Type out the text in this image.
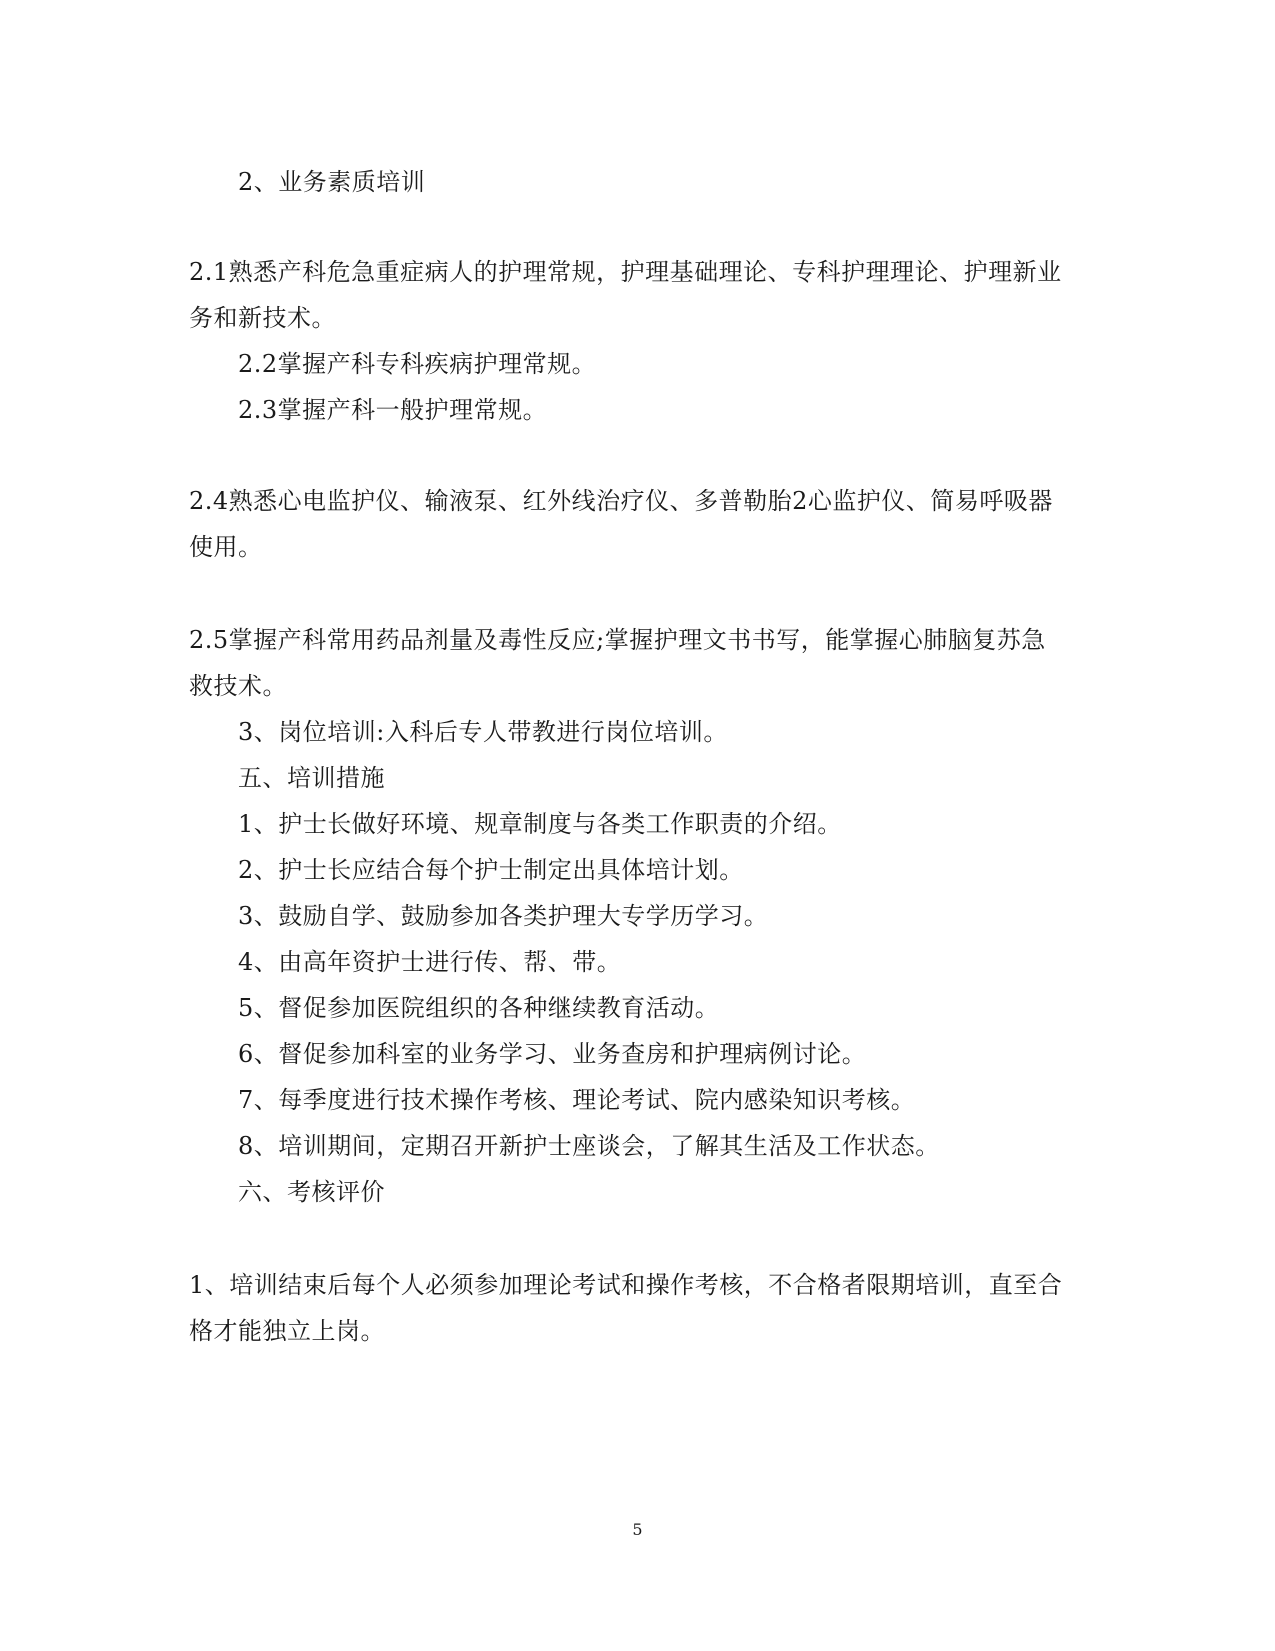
2、业务素质培训
2.1熟悉产科危急重症病人的护理常规，护理基础理论、专科护理理论、护理新业
务和新技术。
2.2掌握产科专科疾病护理常规。
2.3掌握产科一般护理常规。
2.4熟悉心电监护仪、输液泵、红外线治疗仪、多普勒胎2心监护仪、简易呼吸器
使用。
2.5掌握产科常用药品剂量及毒性反应;掌握护理文书书写，能掌握心肺脑复苏急
救技术。
3、岗位培训:入科后专人带教进行岗位培训。
五、培训措施
1、护士长做好环境、规章制度与各类工作职责的介绍。
2、护士长应结合每个护士制定出具体培计划。
3、鼓励自学、鼓励参加各类护理大专学历学习。
4、由高年资护士进行传、帮、带。
5、督促参加医院组织的各种继续教育活动。
6、督促参加科室的业务学习、业务查房和护理病例讨论。
7、每季度进行技术操作考核、理论考试、院内感染知识考核。
8、培训期间，定期召开新护士座谈会，了解其生活及工作状态。
六、考核评价
1、培训结束后每个人必须参加理论考试和操作考核，不合格者限期培训，直至合
格才能独立上岗。
5
